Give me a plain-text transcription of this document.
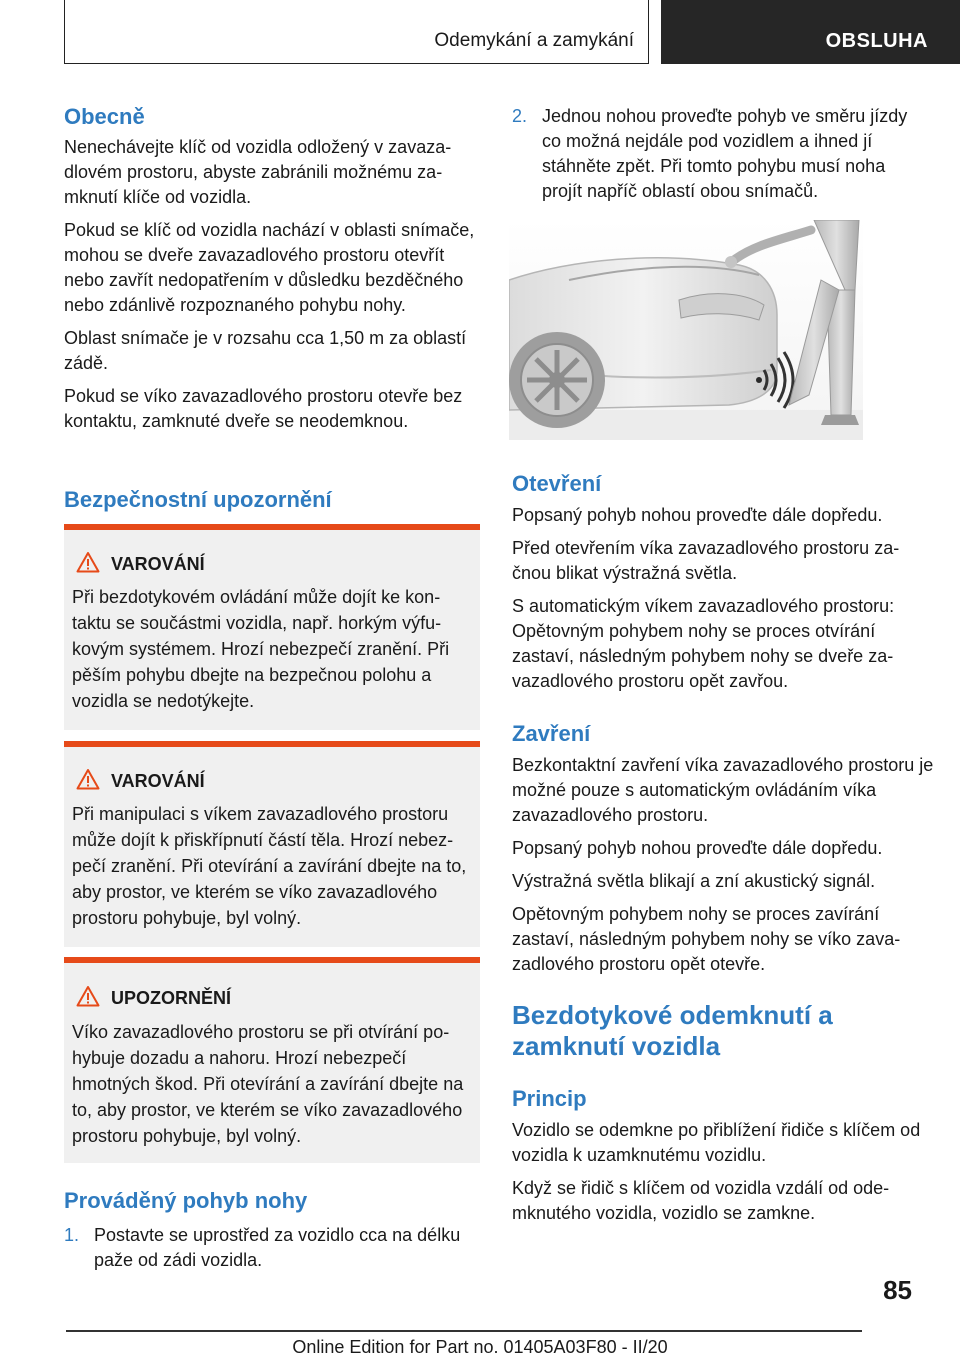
Odemykání a zamykání	OBSLUHA
Obecně

Nenechávejte klíč od vozidla odložený v zavazadlovém prostoru, abyste zabránili možnému zamknutí klíče od vozidla.

Pokud se klíč od vozidla nachází v oblasti snímače, mohou se dveře zavazadlového prostoru otevřít nebo zavřít nedopatřením v důsledku bezděčného nebo zdánlivě rozpoznaného pohybu nohy.

Oblast snímače je v rozsahu cca 1,50 m za oblastí zádě.

Pokud se víko zavazadlového prostoru otevře bez kontaktu, zamknuté dveře se neodemknou.

Bezpečnostní upozornění
VAROVÁNÍ
Při bezdotykovém ovládání může dojít ke kontaktu se součástmi vozidla, např. horkým výfukovým systémem. Hrozí nebezpečí zranění. Při pěším pohybu dbejte na bezpečnou polohu a vozidla se nedotýkejte.
VAROVÁNÍ
Při manipulaci s víkem zavazadlového prostoru může dojít k přiskřípnutí částí těla. Hrozí nebezpečí zranění. Při otevírání a zavírání dbejte na to, aby prostor, ve kterém se víko zavazadlového prostoru pohybuje, byl volný.
UPOZORNĚNÍ
Víko zavazadlového prostoru se při otvírání pohybuje dozadu a nahoru. Hrozí nebezpečí hmotných škod. Při otevírání a zavírání dbejte na to, aby prostor, ve kterém se víko zavazadlového prostoru pohybuje, byl volný.
Prováděný pohyb nohy
1. Postavte se uprostřed za vozidlo cca na délku paže od zádi vozidla.
2. Jednou nohou proveďte pohyb ve směru jízdy co možná nejdále pod vozidlem a ihned jí stáhněte zpět. Při tomto pohybu musí noha projít napříč oblastí obou snímačů.
Otevření

Popsaný pohyb nohou proveďte dále dopředu.

Před otevřením víka zavazadlového prostoru začnou blikat výstražná světla.

S automatickým víkem zavazadlového prostoru: Opětovným pohybem nohy se proces otvírání zastaví, následným pohybem nohy se dveře zavazadlového prostoru opět zavřou.

Zavření

Bezkontaktní zavření víka zavazadlového prostoru je možné pouze s automatickým ovládáním víka zavazadlového prostoru.

Popsaný pohyb nohou proveďte dále dopředu.

Výstražná světla blikají a zní akustický signál.

Opětovným pohybem nohy se proces zavírání zastaví, následným pohybem nohy se víko zavazadlového prostoru opět otevře.

Bezdotykové odemknutí a zamknutí vozidla
Princip

Vozidlo se odemkne po přiblížení řidiče s klíčem od vozidla k uzamknutému vozidlu.

Když se řidič s klíčem od vozidla vzdálí od odemknutého vozidla, vozidlo se zamkne.

85
Online Edition for Part no. 01405A03F80 - II/20
